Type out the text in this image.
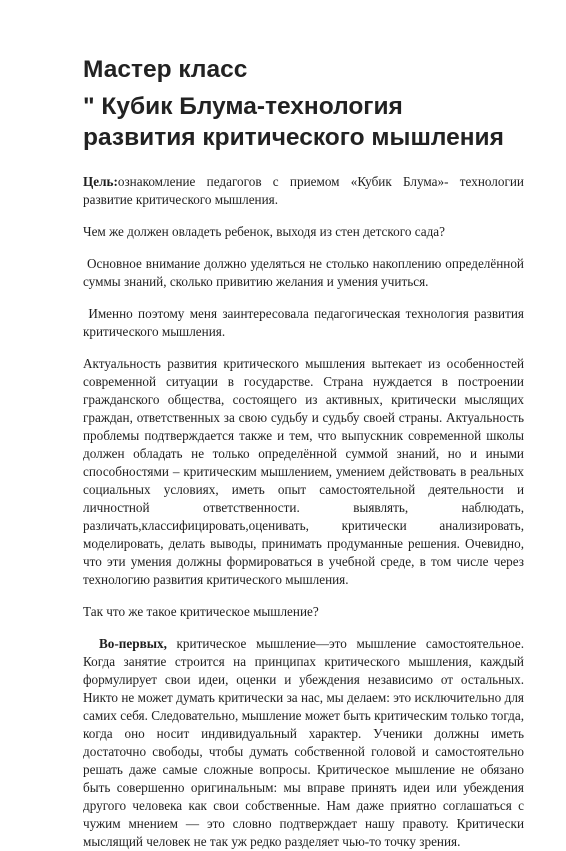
Мастер класс
" Кубик Блума-технология
развития критического мышления

Цель:ознакомление педагогов с приемом «Кубик Блума»- технологии развитие критического мышления.

Чем же должен овладеть ребенок, выходя из стен детского сада?

Основное внимание должно уделяться не столько накоплению определённой суммы знаний, сколько привитию желания и умения учиться.

Именно поэтому меня заинтересовала педагогическая технология развития критического мышления.

Актуальность развития критического мышления вытекает из особенностей современной ситуации в государстве. Страна нуждается в построении гражданского общества, состоящего из активных, критически мыслящих граждан, ответственных за свою судьбу и судьбу своей страны. Актуальность проблемы подтверждается также и тем, что выпускник современной школы должен обладать не только определённой суммой знаний, но и иными способностями – критическим мышлением, умением действовать в реальных социальных условиях, иметь опыт самостоятельной деятельности и личностной ответственности. выявлять, наблюдать, различать,классифицировать,оценивать, критически анализировать, моделировать, делать выводы, принимать продуманные решения. Очевидно, что эти умения должны формироваться в учебной среде, в том числе через технологию развития критического мышления.

Так что же такое критическое мышление?

Во-первых, критическое мышление—это мышление самостоятельное. Когда занятие строится на принципах критического мышления, каждый формулирует свои идеи, оценки и убеждения независимо от остальных. Никто не может думать критически за нас, мы делаем: это исключительно для самих себя. Следовательно, мышление может быть критическим только тогда, когда оно носит индивидуальный характер. Ученики должны иметь достаточно свободы, чтобы думать собственной головой и самостоятельно решать даже самые сложные вопросы. Критическое мышление не обязано быть совершенно оригинальным: мы вправе принять идеи или убеждения другого человека как свои собственные. Нам даже приятно соглашаться с чужим мнением — это словно подтверждает нашу правоту. Критически мыслящий человек не так уж редко разделяет чью-то точку зрения.
